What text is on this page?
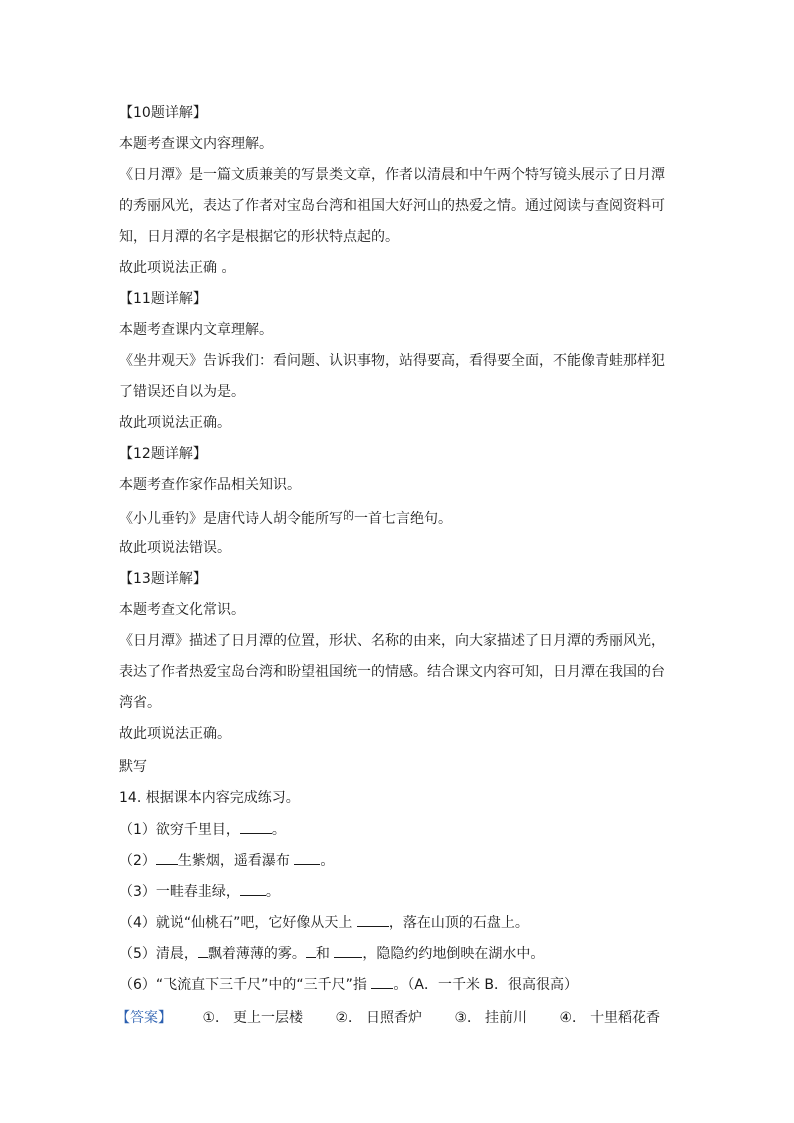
【10题详解】
本题考查课文内容理解。
《日月潭》是一篇文质兼美的写景类文章，作者以清晨和中午两个特写镜头展示了日月潭
的秀丽风光，表达了作者对宝岛台湾和祖国大好河山的热爱之情。通过阅读与查阅资料可
知，日月潭的名字是根据它的形状特点起的。
故此项说法正确 。
【11题详解】
本题考查课内文章理解。
《坐井观天》告诉我们：看问题、认识事物，站得要高，看得要全面，不能像青蛙那样犯
了错误还自以为是。
故此项说法正确。
【12题详解】
本题考查作家作品相关知识。
《小儿垂钓》是唐代诗人胡令能所写$^的$一首七言绝句。
故此项说法错误。
【13题详解】
本题考查文化常识。
《日月潭》描述了日月潭的位置，形状、名称的由来，向大家描述了日月潭的秀丽风光，
表达了作者热爱宝岛台湾和盼望祖国统一的情感。结合课文内容可知，日月潭在我国的台
湾省。
故此项说法正确。
默写
14. 根据课本内容完成练习。
（1）欲穷千里目， 。
（2） 生紫烟，遥看瀑布 。
（3）一畦春韭绿， 。
（4）就说“仙桃石”吧，它好像从天上 ，落在山顶的石盘上。
（5）清晨， 飘着薄薄的雾。 和 ，隐隐约约地倒映在湖水中。
（6）“飞流直下三千尺”中的“三千尺”指 。（A．一千米 B．很高很高）
【答案】 ①． 更上一层楼 ②． 日照香炉 ③． 挂前川 ④． 十里稻花香
